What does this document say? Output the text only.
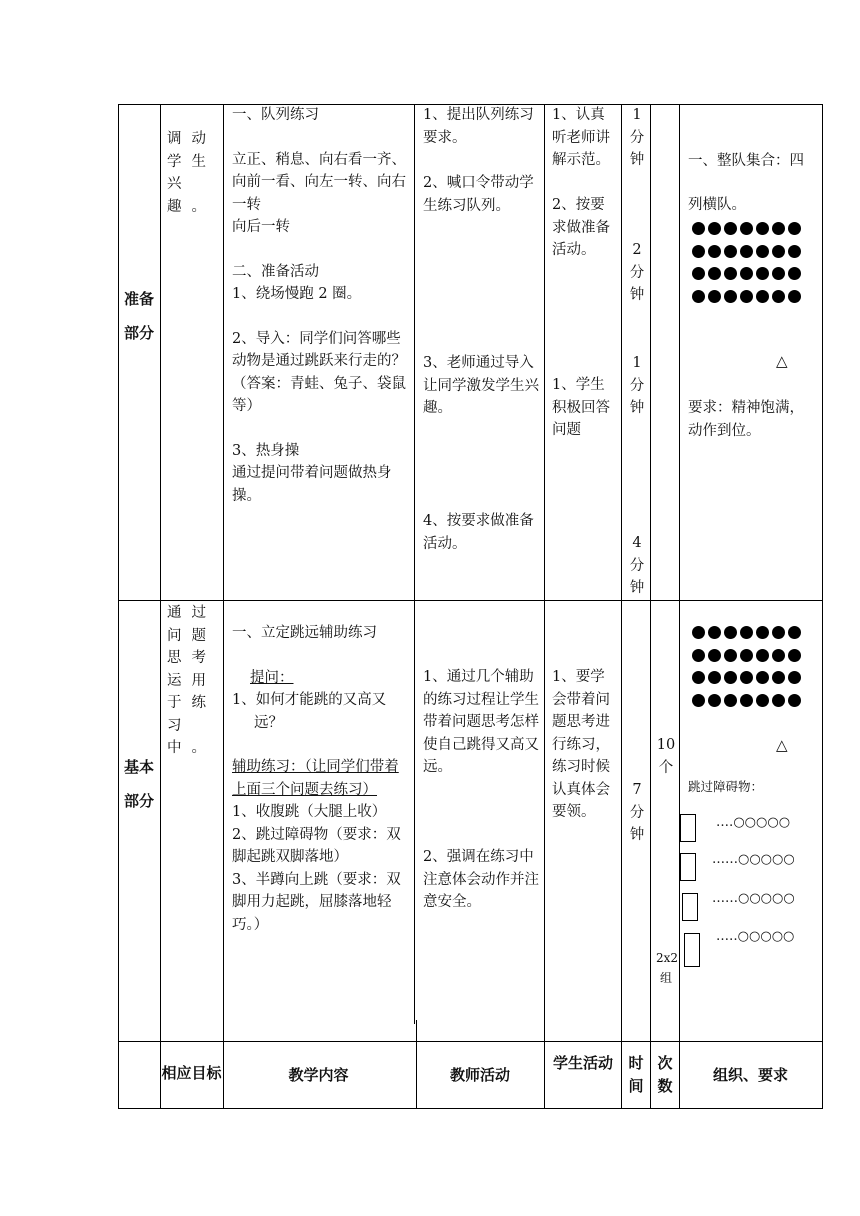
准备部分
调动学生兴趣。

一、队列练习

立正、稍息、向右看一齐、向前一看、向左一转、向右一转

向后一转

二、准备活动

1、绕场慢跑 2 圈。

2、导入：同学们问答哪些动物是通过跳跃来行走的？

（答案：青蛙、兔子、袋鼠等）

3、热身操

通过提问带着问题做热身操。

1、提出队列练习要求。
2、喊口令带动学生练习队列。
3、老师通过导入让同学激发学生兴趣。
4、按要求做准备活动。
1、认真听老师讲解示范。
2、按要求做准备活动。
1、学生积极回答问题
1分钟
2分钟
1分钟
4分钟
一、整队集合：四
列横队。
△
要求：精神饱满，动作到位。
基本部分
通过问题思考运用于练习中。

一、立定跳远辅助练习

提问：

1、如何才能跳的又高又远？

辅助练习：（让同学们带着上面三个问题去练习）

1、收腹跳（大腿上收）

2、跳过障碍物（要求：双脚起跳双脚落地）

3、半蹲向上跳（要求：双脚用力起跳，屈膝落地轻巧。）

1、通过几个辅助的练习过程让学生带着问题思考怎样使自己跳得又高又远。
2、强调在练习中注意体会动作并注意安全。
1、要学会带着问题思考进行练习，练习时候认真体会要领。
7分钟
10个
2x2组
△
跳过障碍物：
‥‥○○○○○
……○○○○○
……○○○○○
…‥○○○○○
相应目标	教学内容	教师活动
学生活动 时间
次数
组织、要求
